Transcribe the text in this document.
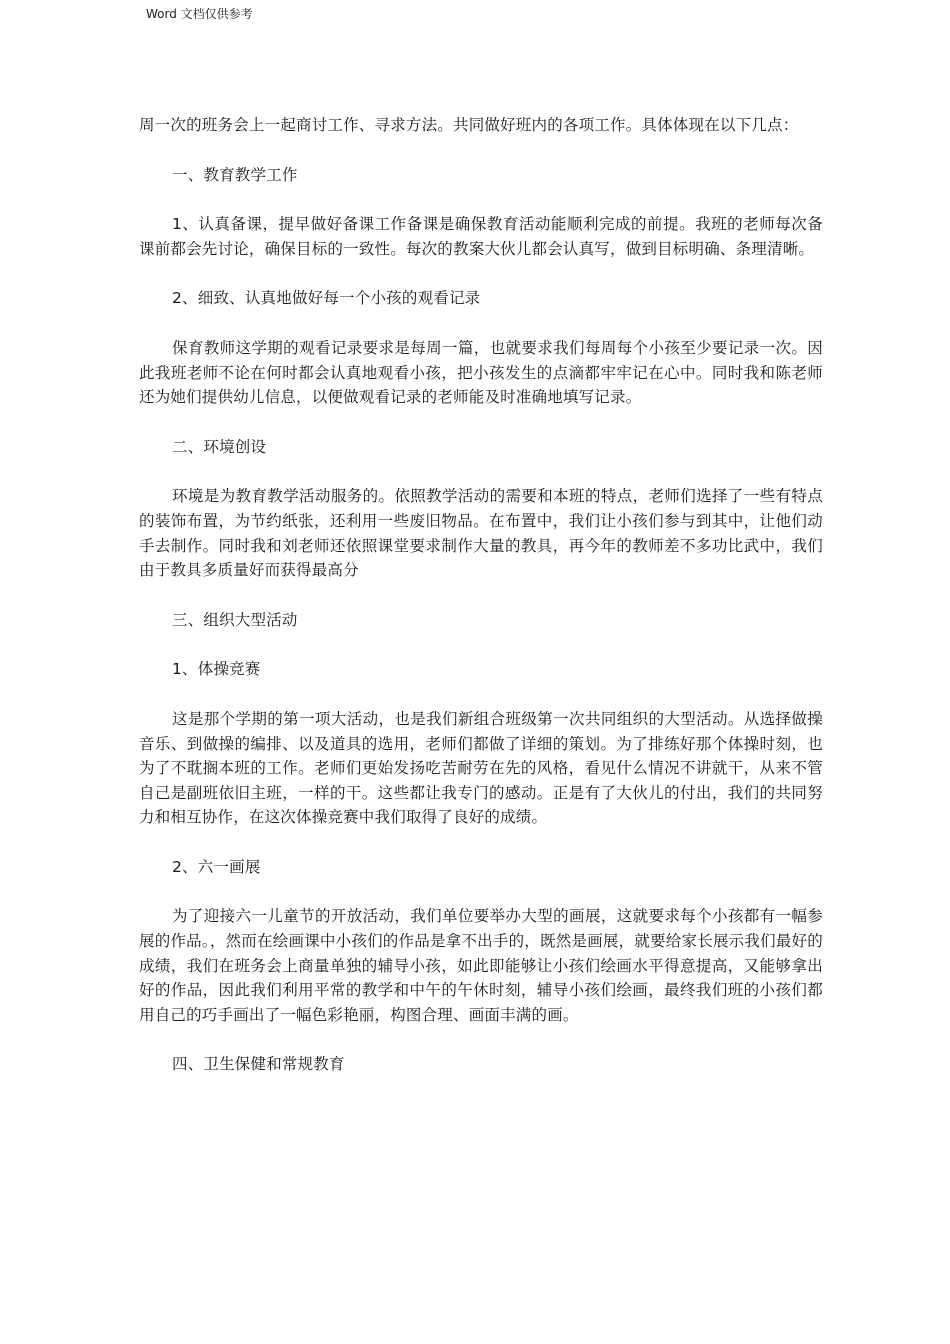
Word 文档仅供参考

周一次的班务会上一起商讨工作、寻求方法。共同做好班内的各项工作。具体体现在以下几点：

一、教育教学工作

1、认真备课，提早做好备课工作备课是确保教育活动能顺利完成的前提。我班的老师每次备课前都会先讨论，确保目标的一致性。每次的教案大伙儿都会认真写，做到目标明确、条理清晰。

2、细致、认真地做好每一个小孩的观看记录

保育教师这学期的观看记录要求是每周一篇，也就要求我们每周每个小孩至少要记录一次。因此我班老师不论在何时都会认真地观看小孩，把小孩发生的点滴都牢牢记在心中。同时我和陈老师还为她们提供幼儿信息，以便做观看记录的老师能及时准确地填写记录。

二、环境创设

环境是为教育教学活动服务的。依照教学活动的需要和本班的特点，老师们选择了一些有特点的装饰布置，为节约纸张，还利用一些废旧物品。在布置中，我们让小孩们参与到其中，让他们动手去制作。同时我和刘老师还依照课堂要求制作大量的教具，再今年的教师差不多功比武中，我们由于教具多质量好而获得最高分

三、组织大型活动

1、体操竞赛

这是那个学期的第一项大活动，也是我们新组合班级第一次共同组织的大型活动。从选择做操音乐、到做操的编排、以及道具的选用，老师们都做了详细的策划。为了排练好那个体操时刻，也为了不耽搁本班的工作。老师们更始发扬吃苦耐劳在先的风格，看见什么情况不讲就干，从来不管自己是副班依旧主班，一样的干。这些都让我专门的感动。正是有了大伙儿的付出，我们的共同努力和相互协作，在这次体操竞赛中我们取得了良好的成绩。

2、六一画展

为了迎接六一儿童节的开放活动，我们单位要举办大型的画展，这就要求每个小孩都有一幅参展的作品。，然而在绘画课中小孩们的作品是拿不出手的，既然是画展，就要给家长展示我们最好的成绩，我们在班务会上商量单独的辅导小孩，如此即能够让小孩们绘画水平得意提高，又能够拿出好的作品，因此我们利用平常的教学和中午的午休时刻，辅导小孩们绘画，最终我们班的小孩们都用自己的巧手画出了一幅色彩艳丽，构图合理、画面丰满的画。

四、卫生保健和常规教育
